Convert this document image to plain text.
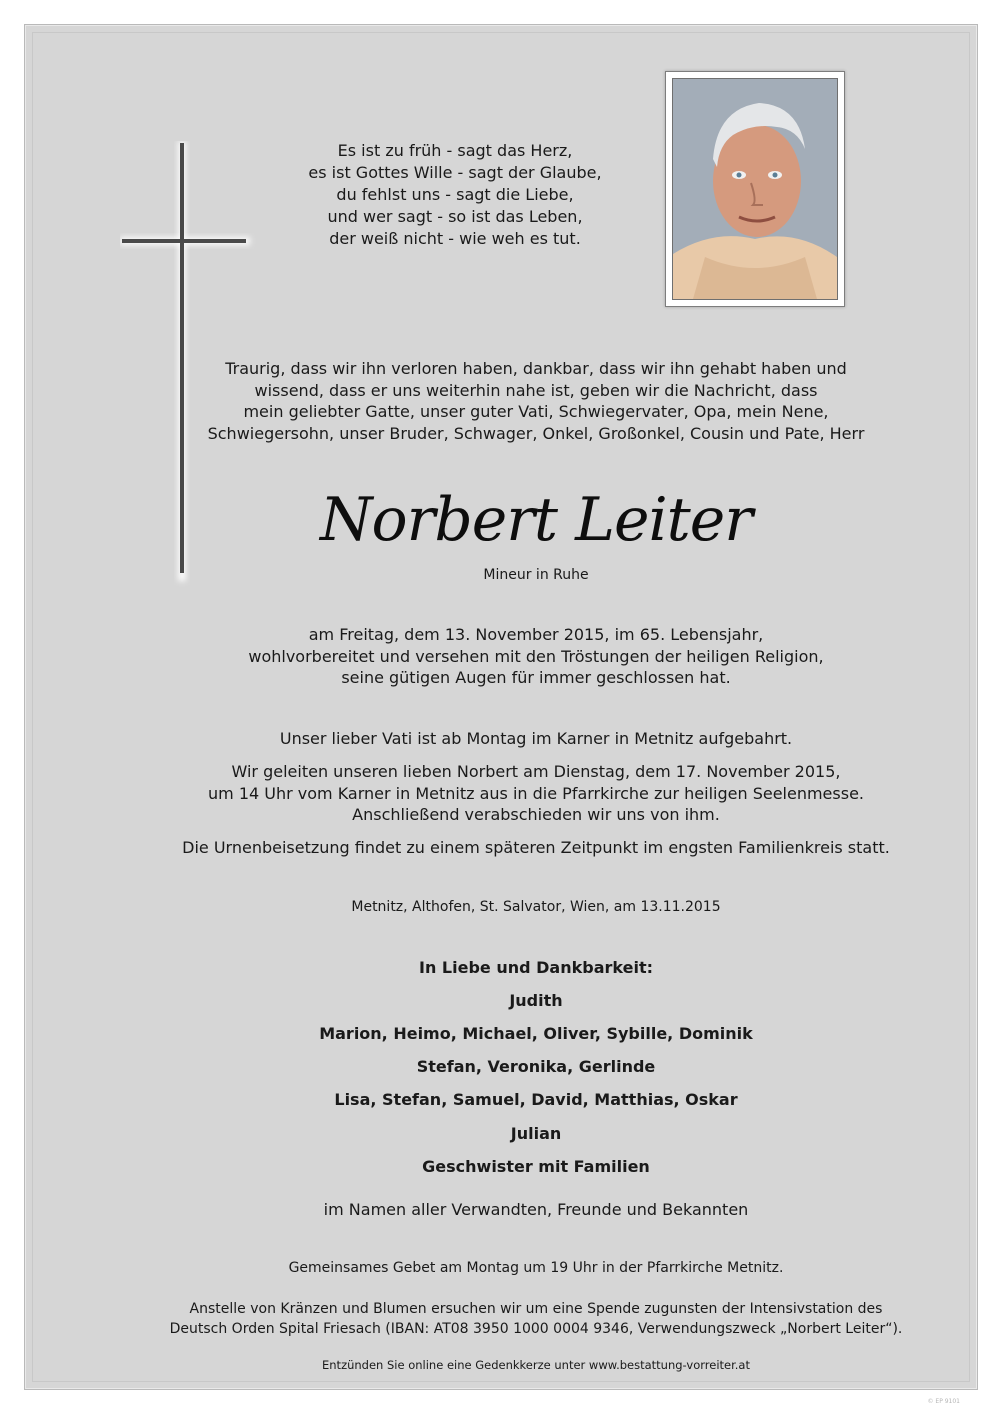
Es ist zu früh - sagt das Herz,
es ist Gottes Wille - sagt der Glaube,
du fehlst uns - sagt die Liebe,
und wer sagt - so ist das Leben,
der weiß nicht - wie weh es tut.
Traurig, dass wir ihn verloren haben, dankbar, dass wir ihn gehabt haben und
wissend, dass er uns weiterhin nahe ist, geben wir die Nachricht, dass
mein geliebter Gatte, unser guter Vati, Schwiegervater, Opa, mein Nene,
Schwiegersohn, unser Bruder, Schwager, Onkel, Großonkel, Cousin und Pate, Herr
Norbert Leiter
Mineur in Ruhe
am Freitag, dem 13. November 2015, im 65. Lebensjahr,
wohlvorbereitet und versehen mit den Tröstungen der heiligen Religion,
seine gütigen Augen für immer geschlossen hat.
Unser lieber Vati ist ab Montag im Karner in Metnitz aufgebahrt.
Wir geleiten unseren lieben Norbert am Dienstag, dem 17. November 2015,
um 14 Uhr vom Karner in Metnitz aus in die Pfarrkirche zur heiligen Seelenmesse.
Anschließend verabschieden wir uns von ihm.
Die Urnenbeisetzung findet zu einem späteren Zeitpunkt im engsten Familienkreis statt.
Metnitz, Althofen, St. Salvator, Wien, am 13.11.2015
In Liebe und Dankbarkeit:
Judith
Marion, Heimo, Michael, Oliver, Sybille, Dominik
Stefan, Veronika, Gerlinde
Lisa, Stefan, Samuel, David, Matthias, Oskar
Julian
Geschwister mit Familien
im Namen aller Verwandten, Freunde und Bekannten
Gemeinsames Gebet am Montag um 19 Uhr in der Pfarrkirche Metnitz.
Anstelle von Kränzen und Blumen ersuchen wir um eine Spende zugunsten der Intensivstation des
Deutsch Orden Spital Friesach (IBAN: AT08 3950 1000 0004 9346, Verwendungszweck „Norbert Leiter“).
Entzünden Sie online eine Gedenkkerze unter www.bestattung-vorreiter.at
© EP 9101
